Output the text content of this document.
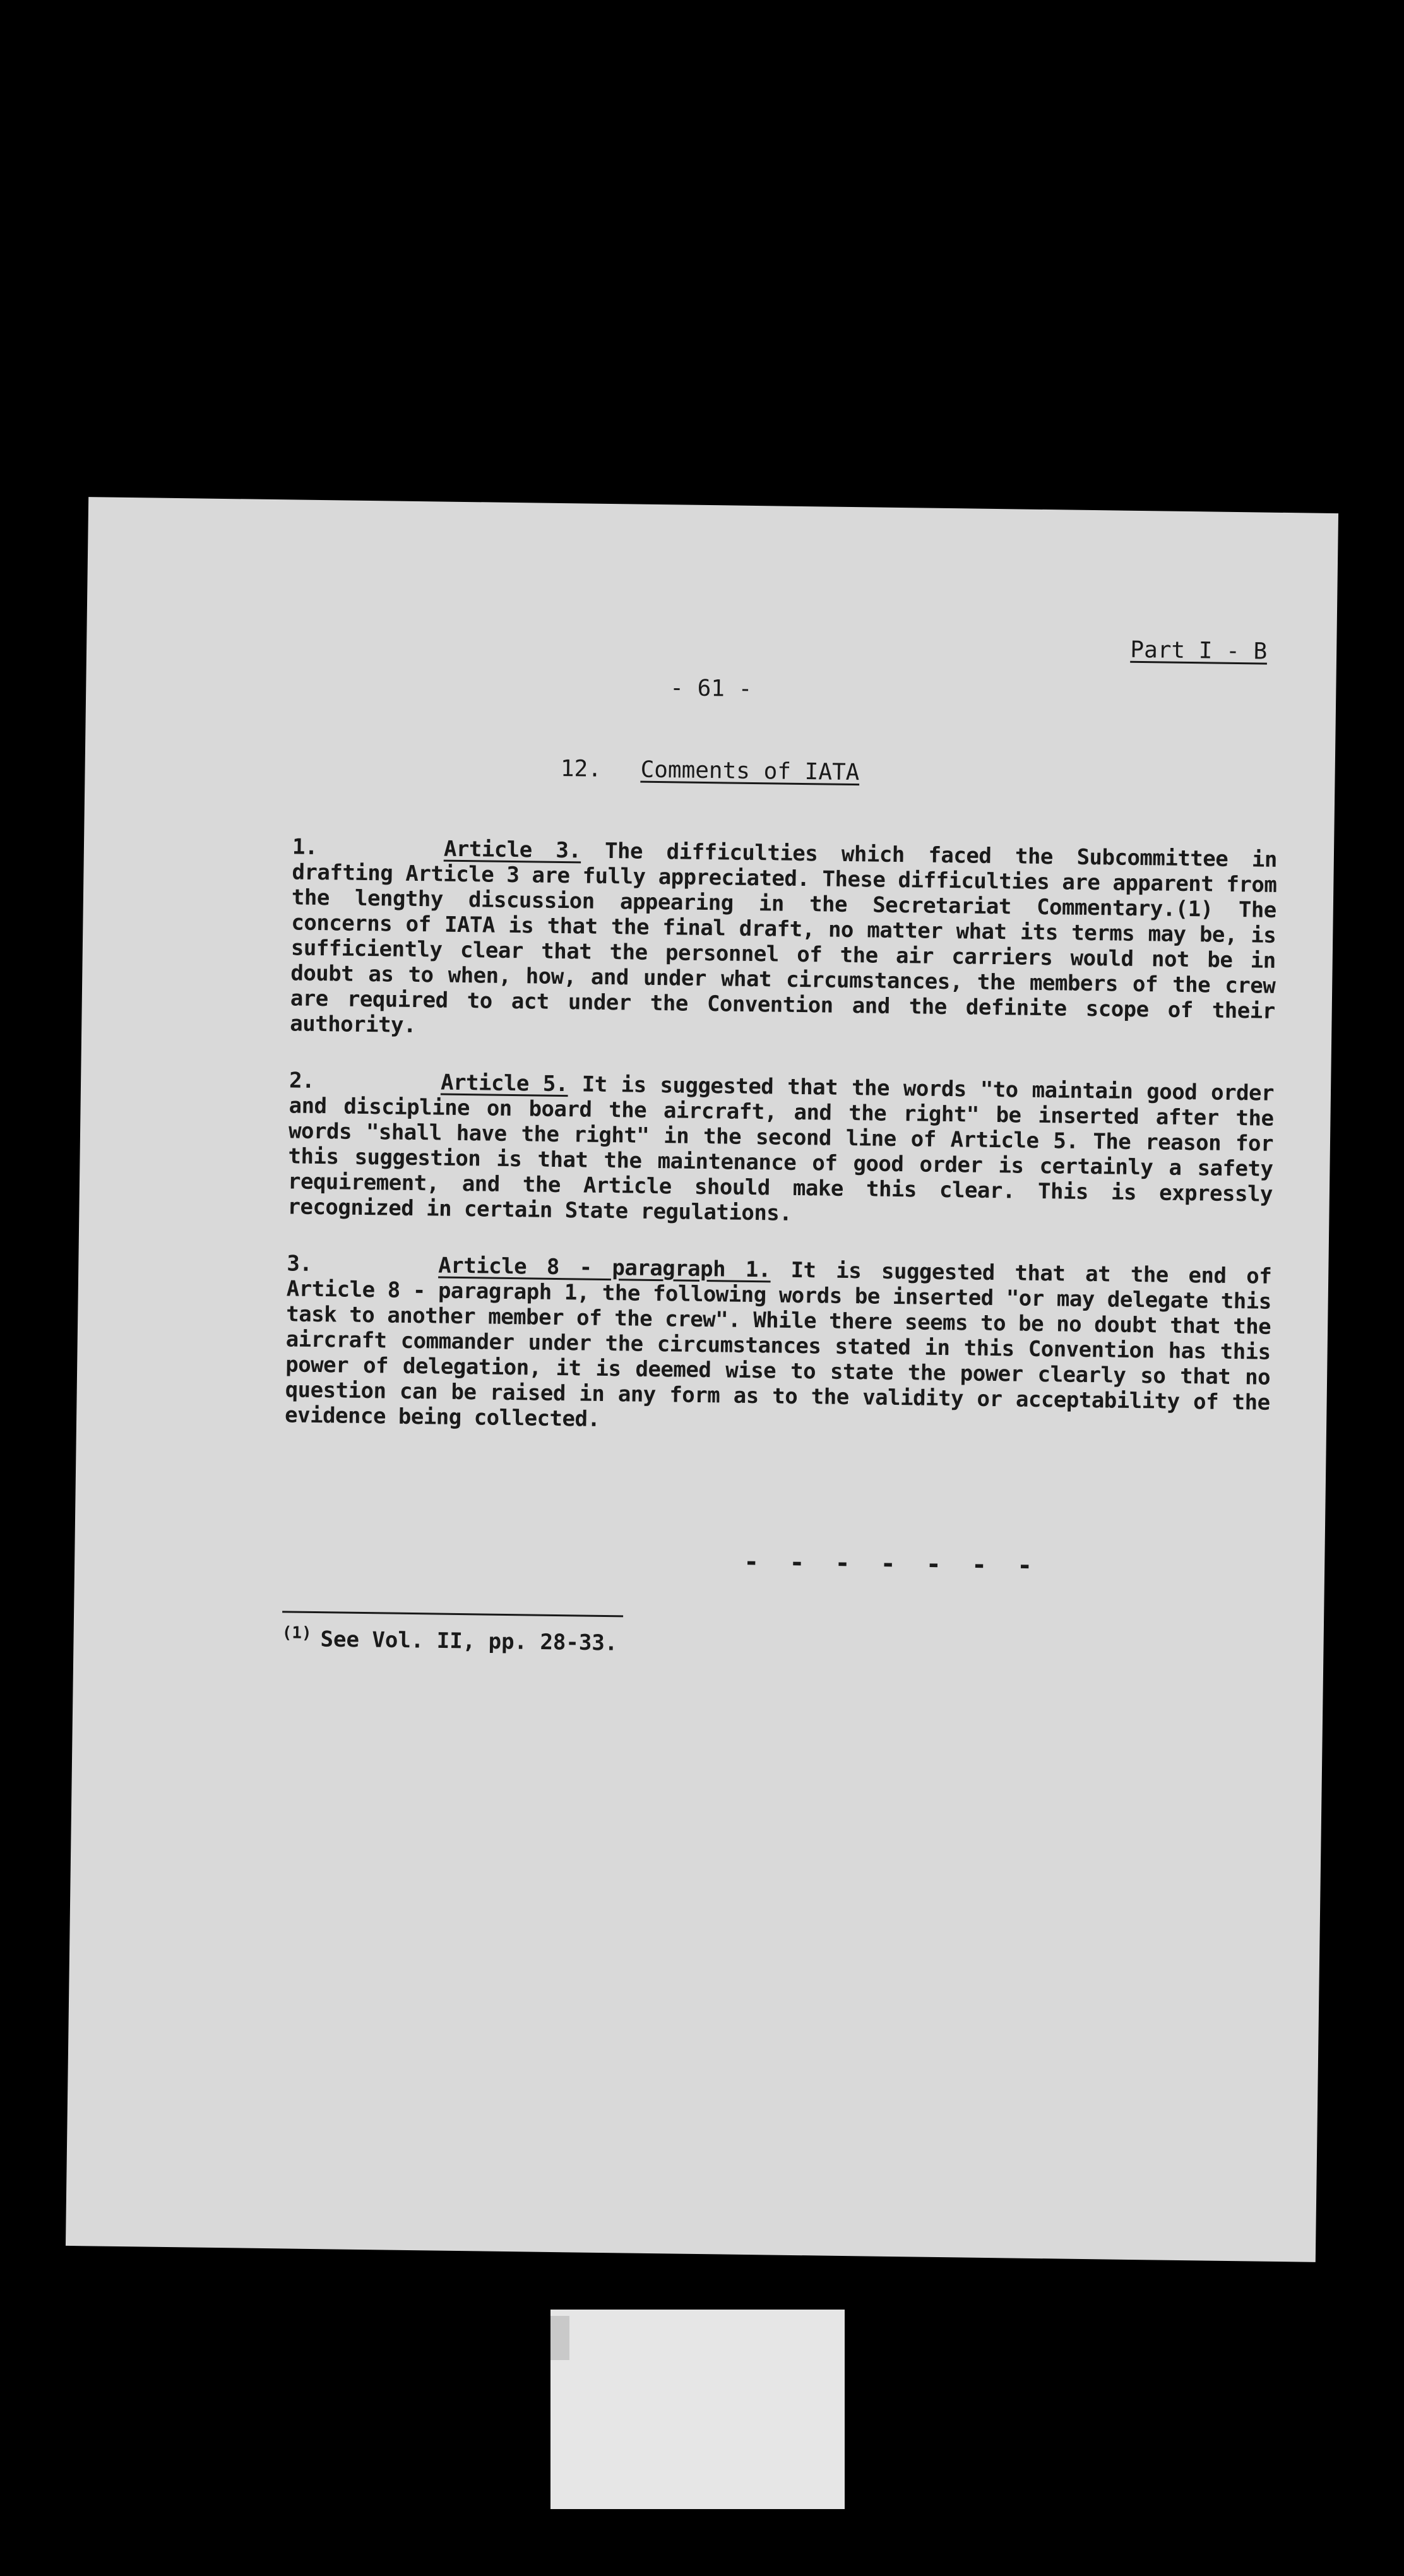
Part I - B
- 61 -
12. Comments of IATA

1.	Article 3. The difficulties which faced the Subcommittee in drafting Article 3 are fully appreciated. These difficulties are apparent from the lengthy discussion appearing in the Secretariat Commentary.(1) The concerns of IATA is that the final draft, no matter what its terms may be, is sufficiently clear that the personnel of the air carriers would not be in doubt as to when, how, and under what circumstances, the members of the crew are required to act under the Convention and the definite scope of their authority.

2.	Article 5. It is suggested that the words "to maintain good order and discipline on board the aircraft, and the right" be inserted after the words "shall have the right" in the second line of Article 5. The reason for this suggestion is that the maintenance of good order is certainly a safety requirement, and the Article should make this clear. This is expressly recognized in certain State regulations.

3.	Article 8 - paragraph 1. It is suggested that at the end of Article 8 - paragraph 1, the following words be inserted "or may delegate this task to another member of the crew". While there seems to be no doubt that the aircraft commander under the circumstances stated in this Convention has this power of delegation, it is deemed wise to state the power clearly so that no question can be raised in any form as to the validity or acceptability of the evidence being collected.

- - - - - - -
$^{(1)}$ See Vol. II, pp. 28-33.
